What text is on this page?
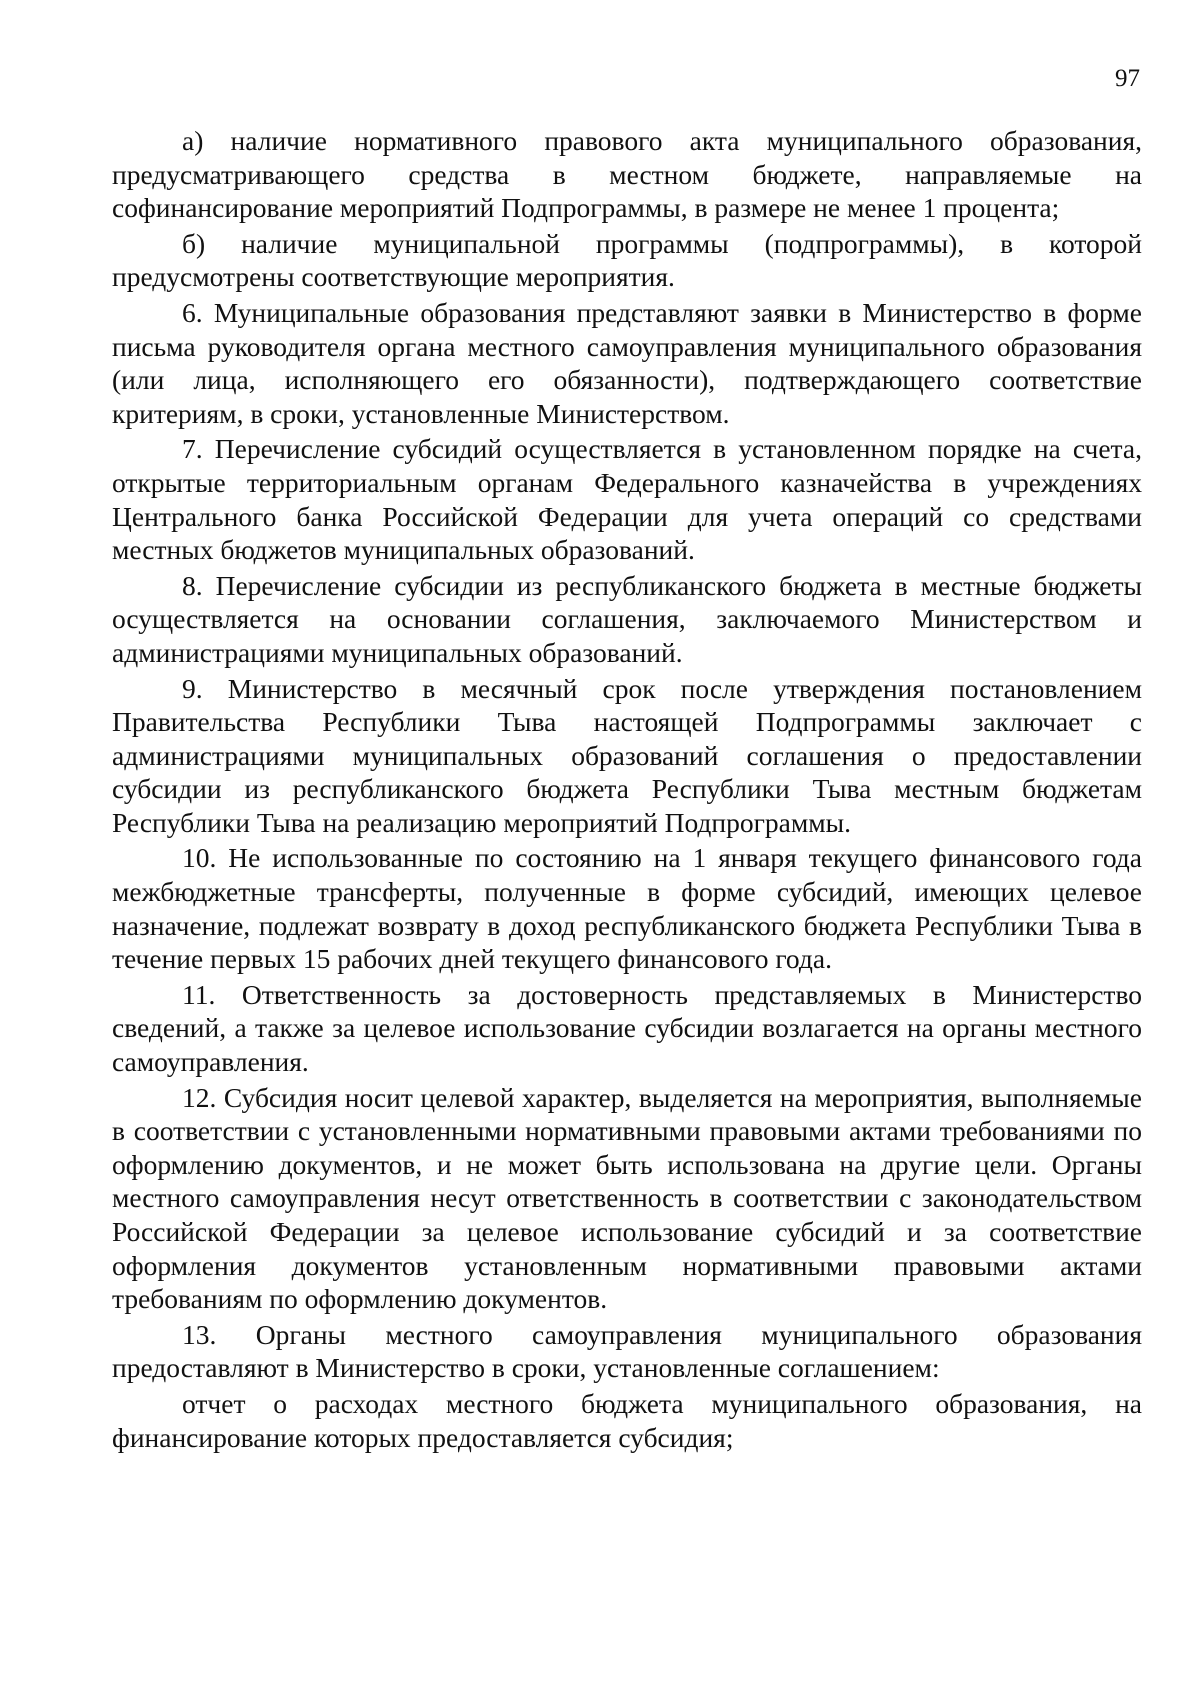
97

а) наличие нормативного правового акта муниципального образования, предусматривающего средства в местном бюджете, направляемые на софинансирование мероприятий Подпрограммы, в размере не менее 1 процента;

б) наличие муниципальной программы (подпрограммы), в которой предусмотрены соответствующие мероприятия.

6. Муниципальные образования представляют заявки в Министерство в форме письма руководителя органа местного самоуправления муниципального образования (или лица, исполняющего его обязанности), подтверждающего соответствие критериям, в сроки, установленные Министерством.

7. Перечисление субсидий осуществляется в установленном порядке на счета, открытые территориальным органам Федерального казначейства в учреждениях Центрального банка Российской Федерации для учета операций со средствами местных бюджетов муниципальных образований.

8. Перечисление субсидии из республиканского бюджета в местные бюджеты осуществляется на основании соглашения, заключаемого Министерством и администрациями муниципальных образований.

9. Министерство в месячный срок после утверждения постановлением Правительства Республики Тыва настоящей Подпрограммы заключает с администрациями муниципальных образований соглашения о предоставлении субсидии из республиканского бюджета Республики Тыва местным бюджетам Республики Тыва на реализацию мероприятий Подпрограммы.

10. Не использованные по состоянию на 1 января текущего финансового года межбюджетные трансферты, полученные в форме субсидий, имеющих целевое назначение, подлежат возврату в доход республиканского бюджета Республики Тыва в течение первых 15 рабочих дней текущего финансового года.

11. Ответственность за достоверность представляемых в Министерство сведений, а также за целевое использование субсидии возлагается на органы местного самоуправления.

12. Субсидия носит целевой характер, выделяется на мероприятия, выполняемые в соответствии с установленными нормативными правовыми актами требованиями по оформлению документов, и не может быть использована на другие цели. Органы местного самоуправления несут ответственность в соответствии с законодательством Российской Федерации за целевое использование субсидий и за соответствие оформления документов установленным нормативными правовыми актами требованиям по оформлению документов.

13. Органы местного самоуправления муниципального образования предоставляют в Министерство в сроки, установленные соглашением:

отчет о расходах местного бюджета муниципального образования, на финансирование которых предоставляется субсидия;
